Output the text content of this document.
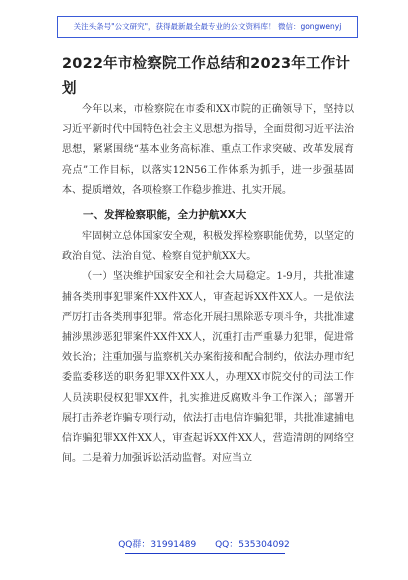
关注头条号"公文研究"，获得最新最全最专业的公文资料库！ 微信：gongwenyj
2022年市检察院工作总结和2023年工作计划

今年以来，市检察院在市委和XX市院的正确领导下，坚持以习近平新时代中国特色社会主义思想为指导，全面贯彻习近平法治思想，紧紧围绕“基本业务高标准、重点工作求突破、改革发展育亮点”工作目标，以落实12N56工作体系为抓手，进一步强基固本、提质增效，各项检察工作稳步推进、扎实开展。

一、发挥检察职能，全力护航XX大

牢固树立总体国家安全观，积极发挥检察职能优势，以坚定的政治自觉、法治自觉、检察自觉护航XX大。

（一）坚决维护国家安全和社会大局稳定。1-9月，共批准逮捕各类刑事犯罪案件XX件XX人，审查起诉XX件XX人。一是依法严厉打击各类刑事犯罪。常态化开展扫黑除恶专项斗争，共批准逮捕涉黑涉恶犯罪案件XX件XX人，沉重打击严重暴力犯罪，促进常效长治；注重加强与监察机关办案衔接和配合制约，依法办理市纪委监委移送的职务犯罪XX件XX人，办理XX市院交付的司法工作人员渎职侵权犯罪XX件，扎实推进反腐败斗争工作深入；部署开展打击养老诈骗专项行动，依法打击电信诈骗犯罪，共批准逮捕电信诈骗犯罪XX件XX人，审查起诉XX件XX人，营造清朗的网络空间。二是着力加强诉讼活动监督。对应当立

QQ群：31991489 QQ：535304092
